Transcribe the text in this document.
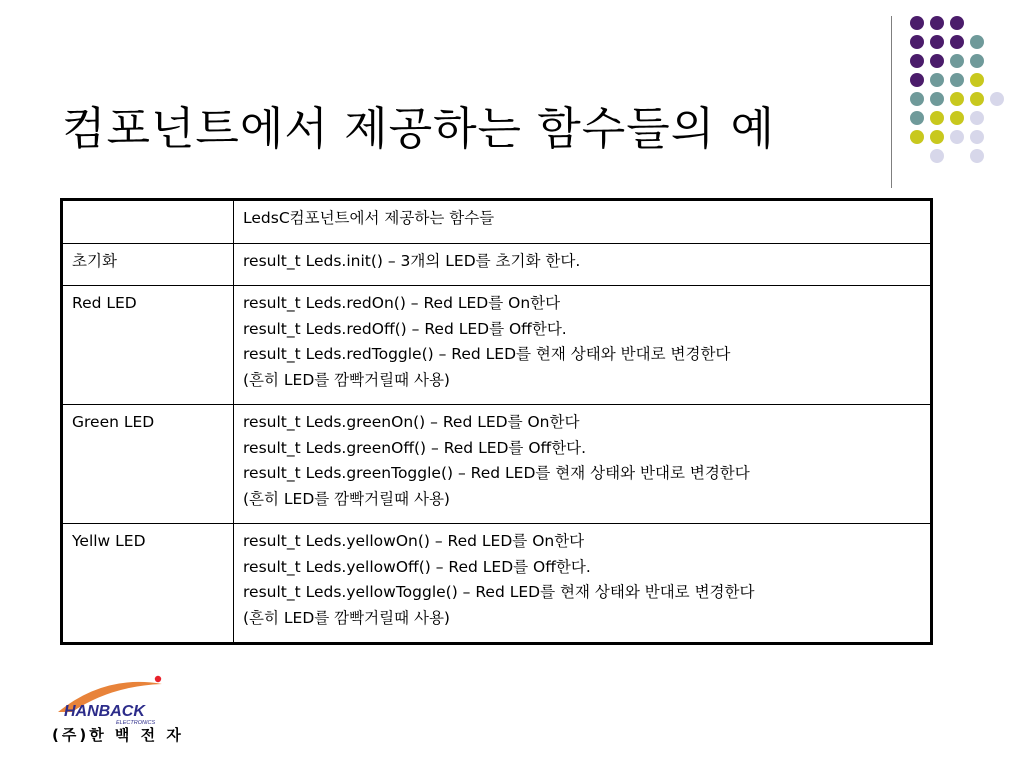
컴포넌트에서 제공하는 함수들의 예
	LedsC컴포넌트에서 제공하는 함수들
초기화	result_t Leds.init() – 3개의 LED를 초기화 한다.

Red LED	result_t Leds.redOn() – Red LED를 On한다
result_t Leds.redOff() – Red LED를 Off한다.
result_t Leds.redToggle() – Red LED를 현재 상태와 반대로 변경한다
(흔히 LED를 깜빡거릴때 사용)

Green LED	result_t Leds.greenOn() – Red LED를 On한다
result_t Leds.greenOff() – Red LED를 Off한다.
result_t Leds.greenToggle() – Red LED를 현재 상태와 반대로 변경한다
(흔히 LED를 깜빡거릴때 사용)

Yellw LED	result_t Leds.yellowOn() – Red LED를 On한다
result_t Leds.yellowOff() – Red LED를 Off한다.
result_t Leds.yellowToggle() – Red LED를 현재 상태와 반대로 변경한다
(흔히 LED를 깜빡거릴때 사용)
HANBACK
ELECTRONICS
(주)한 백 전 자
